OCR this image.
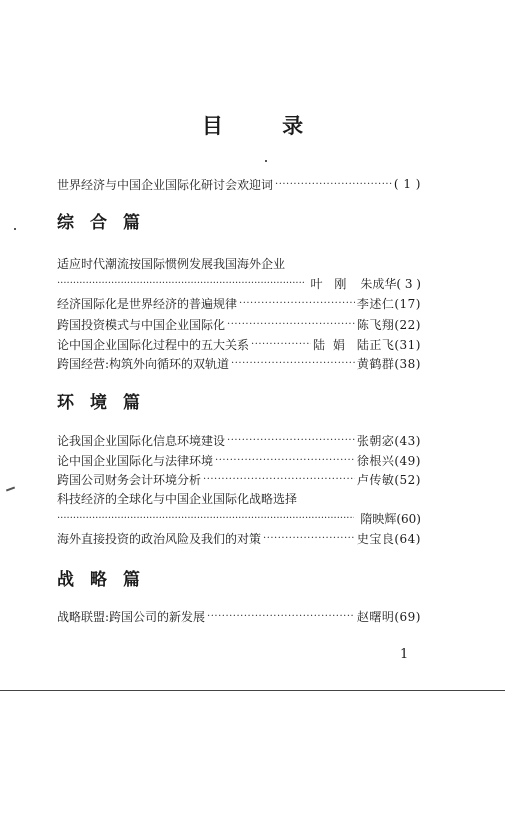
目 录
世界经济与中国企业国际化研讨会欢迎词 ·····	( 1 )
综合篇
适应时代潮流按国际惯例发展我国海外企业
·····
叶 刚 朱成华( 3 )
经济国际化是世界经济的普遍规律 ·····	李述仁(17)
跨国投资模式与中国企业国际化 ·····	陈飞翔(22)
论中国企业国际化过程中的五大关系 ·····	陆 娟 陆正飞(31)
跨国经营:构筑外向循环的双轨道 ·····	黄鹤群(38)
环境篇
论我国企业国际化信息环境建设 ·····	张朝宓(43)
论中国企业国际化与法律环境 ·····	徐根兴(49)
跨国公司财务会计环境分析 ·····	卢传敏(52)
科技经济的全球化与中国企业国际化战略选择
·····
隋映辉(60)
海外直接投资的政治风险及我们的对策 ·····	史宝良(64)
战略篇
战略联盟:跨国公司的新发展 ·····	赵曙明(69)
1
